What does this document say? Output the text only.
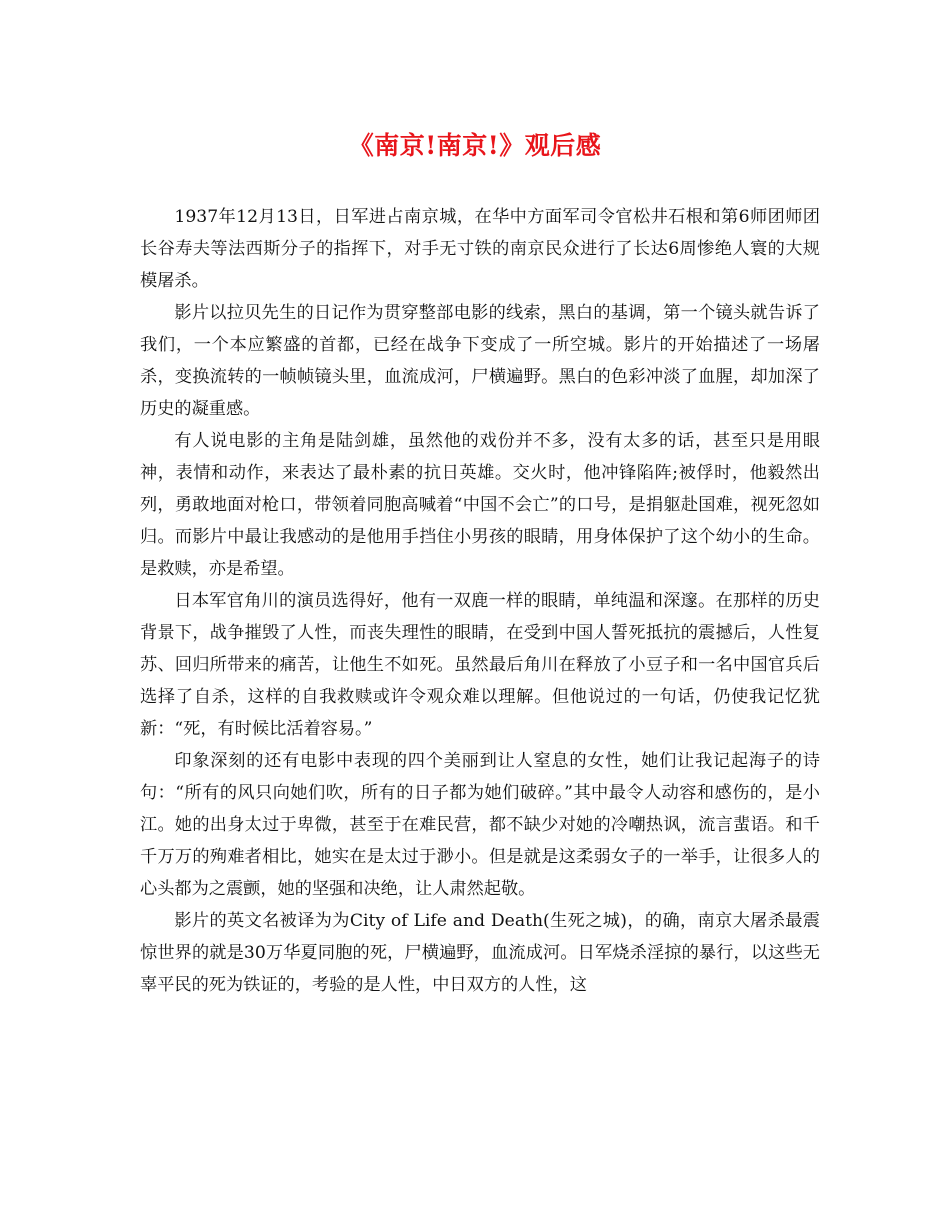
《南京!南京!》观后感

1937年12月13日，日军进占南京城，在华中方面军司令官松井石根和第6师团师团长谷寿夫等法西斯分子的指挥下，对手无寸铁的南京民众进行了长达6周惨绝人寰的大规模屠杀。

影片以拉贝先生的日记作为贯穿整部电影的线索，黑白的基调，第一个镜头就告诉了我们，一个本应繁盛的首都，已经在战争下变成了一所空城。影片的开始描述了一场屠杀，变换流转的一帧帧镜头里，血流成河，尸横遍野。黑白的色彩冲淡了血腥，却加深了历史的凝重感。

有人说电影的主角是陆剑雄，虽然他的戏份并不多，没有太多的话，甚至只是用眼神，表情和动作，来表达了最朴素的抗日英雄。交火时，他冲锋陷阵;被俘时，他毅然出列，勇敢地面对枪口，带领着同胞高喊着“中国不会亡”的口号，是捐躯赴国难，视死忽如归。而影片中最让我感动的是他用手挡住小男孩的眼睛，用身体保护了这个幼小的生命。是救赎，亦是希望。

日本军官角川的演员选得好，他有一双鹿一样的眼睛，单纯温和深邃。在那样的历史背景下，战争摧毁了人性，而丧失理性的眼睛，在受到中国人誓死抵抗的震撼后，人性复苏、回归所带来的痛苦，让他生不如死。虽然最后角川在释放了小豆子和一名中国官兵后选择了自杀，这样的自我救赎或许令观众难以理解。但他说过的一句话，仍使我记忆犹新：“死，有时候比活着容易。”

印象深刻的还有电影中表现的四个美丽到让人窒息的女性，她们让我记起海子的诗句：“所有的风只向她们吹，所有的日子都为她们破碎。”其中最令人动容和感伤的，是小江。她的出身太过于卑微，甚至于在难民营，都不缺少对她的冷嘲热讽，流言蜚语。和千千万万的殉难者相比，她实在是太过于渺小。但是就是这柔弱女子的一举手，让很多人的心头都为之震颤，她的坚强和决绝，让人肃然起敬。

影片的英文名被译为为City of Life and Death(生死之城)，的确，南京大屠杀最震惊世界的就是30万华夏同胞的死，尸横遍野，血流成河。日军烧杀淫掠的暴行，以这些无辜平民的死为铁证的，考验的是人性，中日双方的人性，这
